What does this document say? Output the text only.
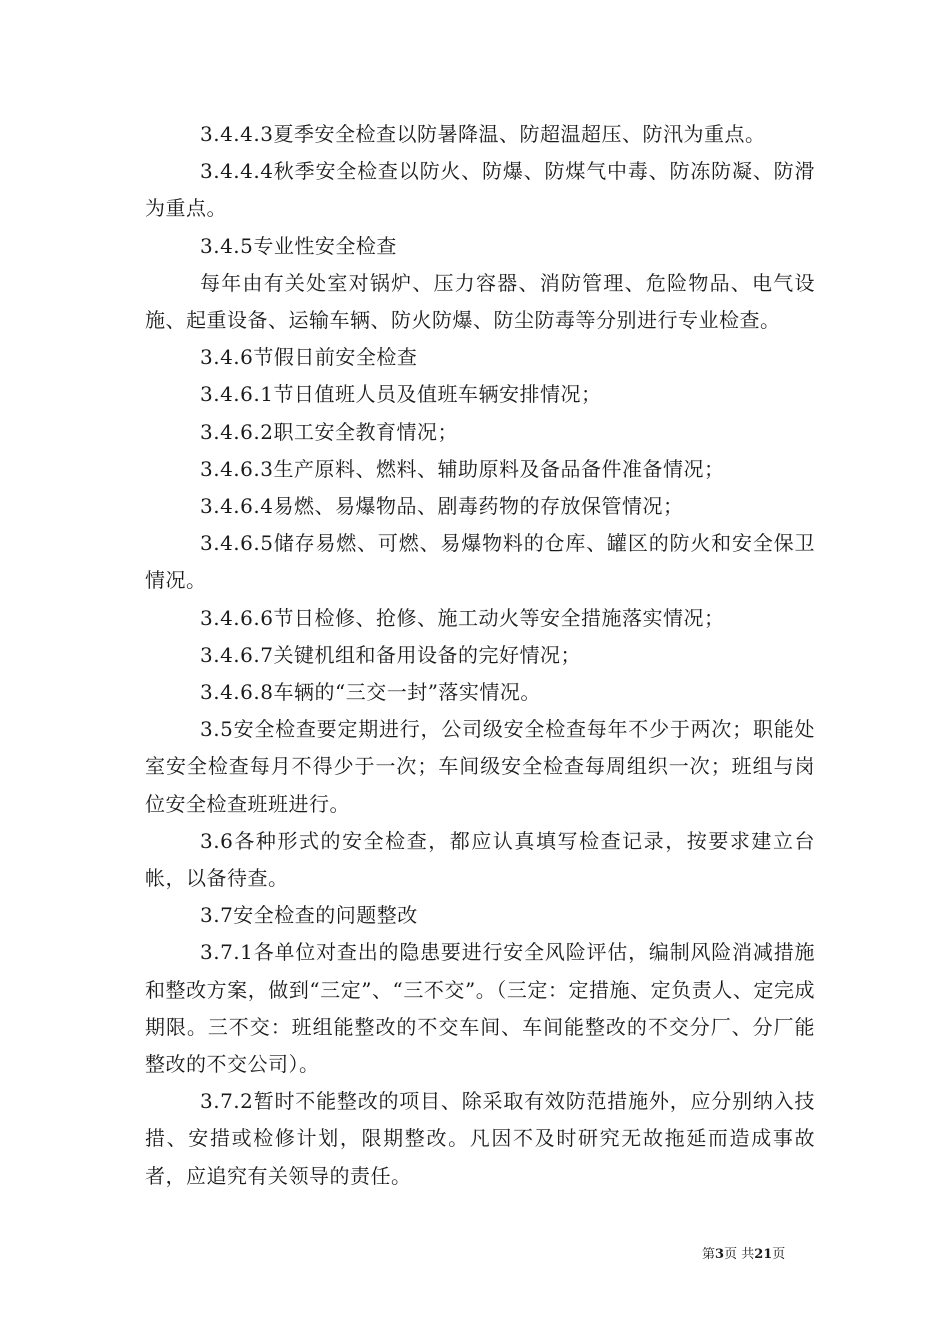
3.4.4.3夏季安全检查以防暑降温、防超温超压、防汛为重点。

3.4.4.4秋季安全检查以防火、防爆、防煤气中毒、防冻防凝、防滑为重点。

3.4.5专业性安全检查

每年由有关处室对锅炉、压力容器、消防管理、危险物品、电气设施、起重设备、运输车辆、防火防爆、防尘防毒等分别进行专业检查。

3.4.6节假日前安全检查

3.4.6.1节日值班人员及值班车辆安排情况；

3.4.6.2职工安全教育情况；

3.4.6.3生产原料、燃料、辅助原料及备品备件准备情况；

3.4.6.4易燃、易爆物品、剧毒药物的存放保管情况；

3.4.6.5储存易燃、可燃、易爆物料的仓库、罐区的防火和安全保卫情况。

3.4.6.6节日检修、抢修、施工动火等安全措施落实情况；

3.4.6.7关键机组和备用设备的完好情况；

3.4.6.8车辆的“三交一封”落实情况。

3.5安全检查要定期进行，公司级安全检查每年不少于两次；职能处室安全检查每月不得少于一次；车间级安全检查每周组织一次；班组与岗位安全检查班班进行。

3.6各种形式的安全检查，都应认真填写检查记录，按要求建立台帐，以备待查。

3.7安全检查的问题整改

3.7.1各单位对查出的隐患要进行安全风险评估，编制风险消减措施和整改方案，做到“三定”、“三不交”。（三定：定措施、定负责人、定完成期限。三不交：班组能整改的不交车间、车间能整改的不交分厂、分厂能整改的不交公司）。

3.7.2暂时不能整改的项目、除采取有效防范措施外，应分别纳入技措、安措或检修计划，限期整改。凡因不及时研究无故拖延而造成事故者，应追究有关领导的责任。

第3页 共21页
